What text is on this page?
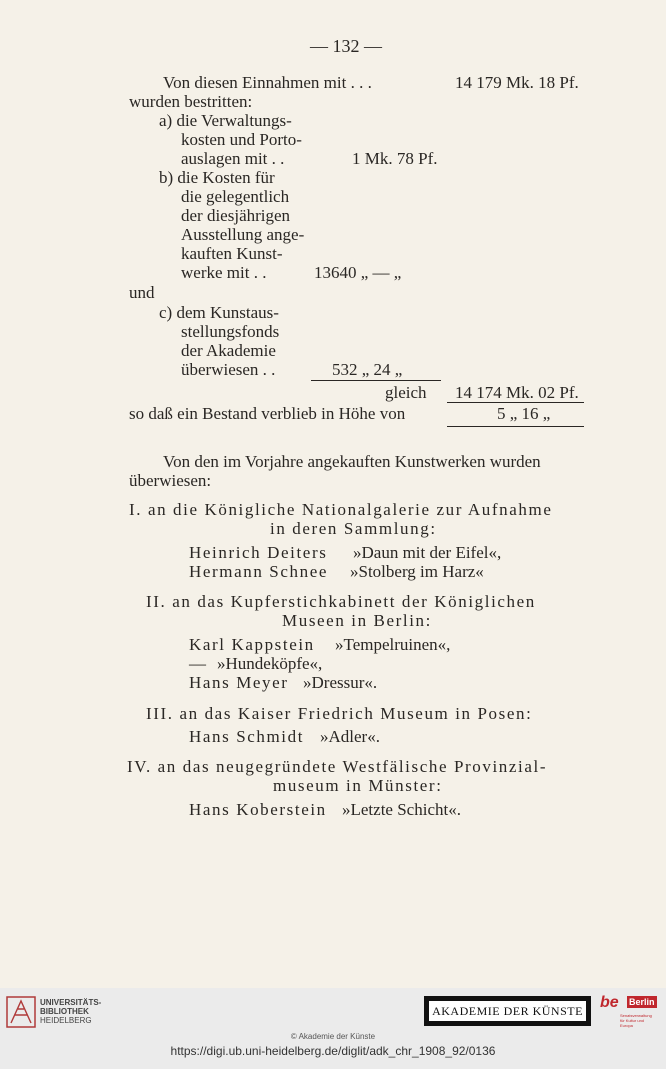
— 132 —
Von diesen Einnahmen mit . . .	14 179 Mk. 18 Pf.
wurden bestritten:
a) die Verwaltungs-
kosten und Porto-
auslagen mit . .	1 Mk. 78 Pf.
b) die Kosten für
die gelegentlich
der diesjährigen
Ausstellung ange-
kauften Kunst-
werke mit . .	13640 „ — „
und
c) dem Kunstaus-
stellungsfonds
der Akademie
überwiesen . .	532 „ 24 „
gleich 14 174 Mk. 02 Pf.
so daß ein Bestand verblieb in Höhe von	5 „ 16 „
Von den im Vorjahre angekauften Kunstwerken wurden
überwiesen:
I. an die Königliche Nationalgalerie zur Aufnahme
in deren Sammlung:
Heinrich Deiters »Daun mit der Eifel«,
Hermann Schnee »Stolberg im Harz«
II. an das Kupferstichkabinett der Königlichen
Museen in Berlin:
Karl Kappstein »Tempelruinen«,
— »Hundeköpfe«,
Hans Meyer »Dressur«.
III. an das Kaiser Friedrich Museum in Posen:
Hans Schmidt »Adler«.
IV. an das neugegründete Westfälische Provinzial-
museum in Münster:
Hans Koberstein »Letzte Schicht«.
UNIVERSITÄTS-
BIBLIOTHEK
HEIDELBERG
AKADEMIE DER KÜNSTE be Berlin
Senatsverwaltung für Kultur und Europa
© Akademie der Künste
https://digi.ub.uni-heidelberg.de/diglit/adk_chr_1908_92/0136
